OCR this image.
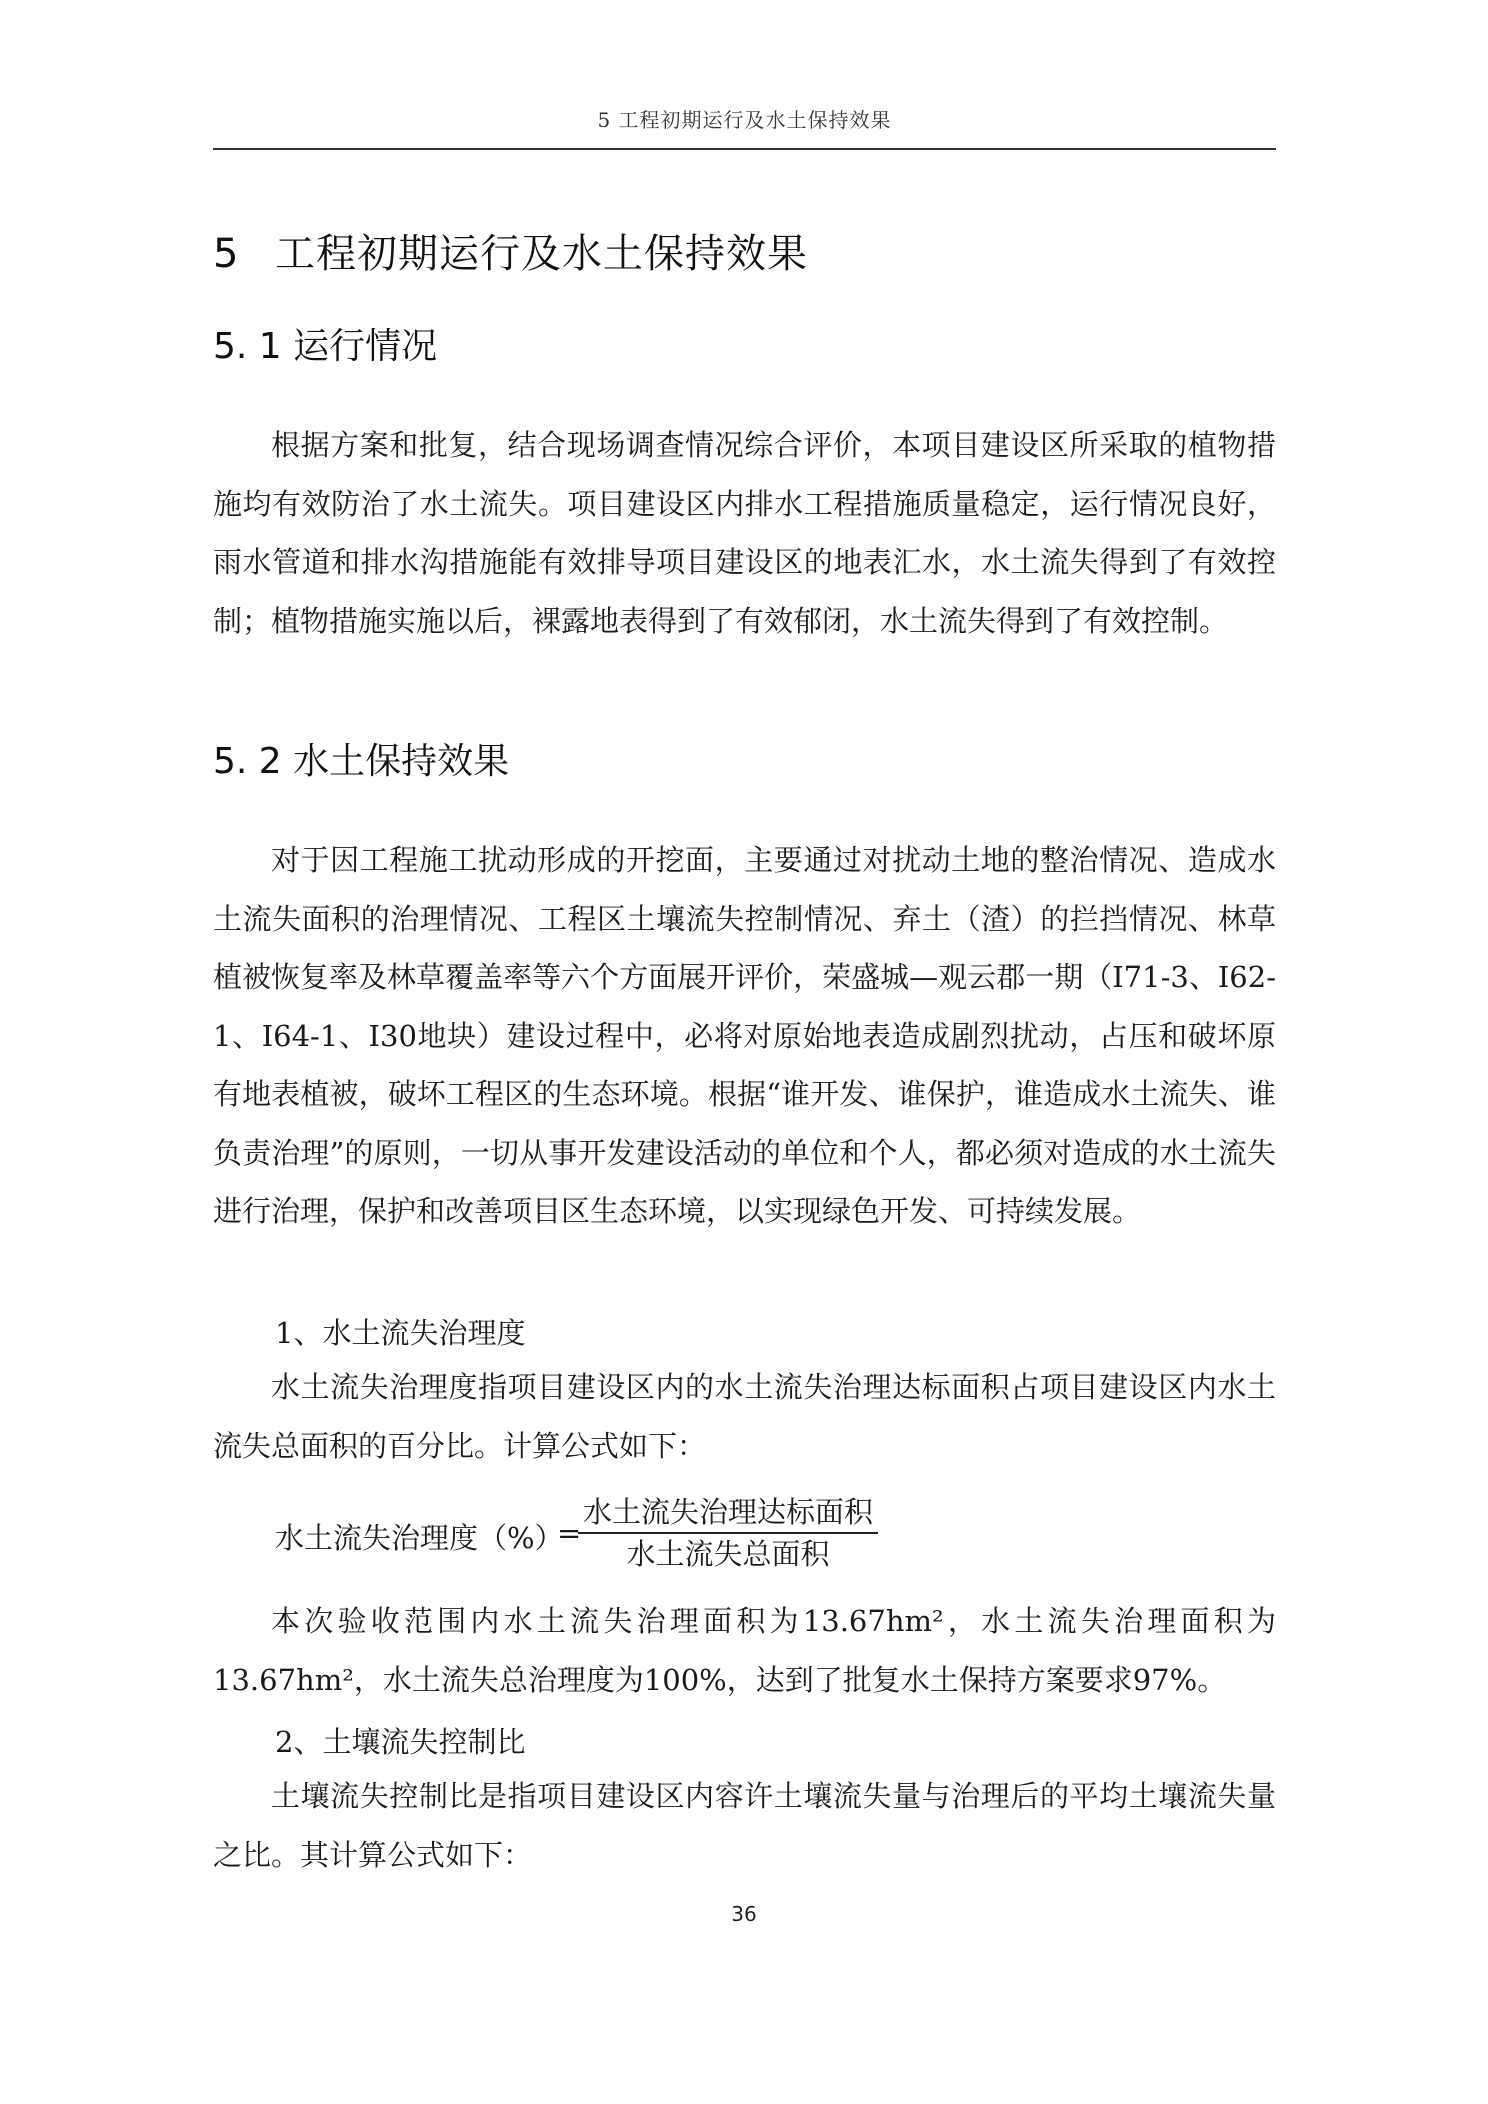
5 工程初期运行及水土保持效果
5 工程初期运行及水土保持效果
5. 1 运行情况

根据方案和批复，结合现场调查情况综合评价，本项目建设区所采取的植物措施均有效防治了水土流失。项目建设区内排水工程措施质量稳定，运行情况良好，雨水管道和排水沟措施能有效排导项目建设区的地表汇水，水土流失得到了有效控制；植物措施实施以后，裸露地表得到了有效郁闭，水土流失得到了有效控制。

5. 2 水土保持效果

对于因工程施工扰动形成的开挖面，主要通过对扰动土地的整治情况、造成水土流失面积的治理情况、工程区土壤流失控制情况、弃土（渣）的拦挡情况、林草植被恢复率及林草覆盖率等六个方面展开评价，荣盛城—观云郡一期（I71-3、I62-1、I64-1、I30地块）建设过程中，必将对原始地表造成剧烈扰动，占压和破坏原有地表植被，破坏工程区的生态环境。根据“谁开发、谁保护，谁造成水土流失、谁负责治理”的原则，一切从事开发建设活动的单位和个人，都必须对造成的水土流失进行治理，保护和改善项目区生态环境，以实现绿色开发、可持续发展。

1、水土流失治理度

水土流失治理度指项目建设区内的水土流失治理达标面积占项目建设区内水土流失总面积的百分比。计算公式如下：

水土流失治理度（%）
=
水土流失治理达标面积
水土流失总面积

本次验收范围内水土流失治理面积为13.67hm²，水土流失治理面积为13.67hm²，水土流失总治理度为100%，达到了批复水土保持方案要求97%。

2、土壤流失控制比

土壤流失控制比是指项目建设区内容许土壤流失量与治理后的平均土壤流失量之比。其计算公式如下：

36
